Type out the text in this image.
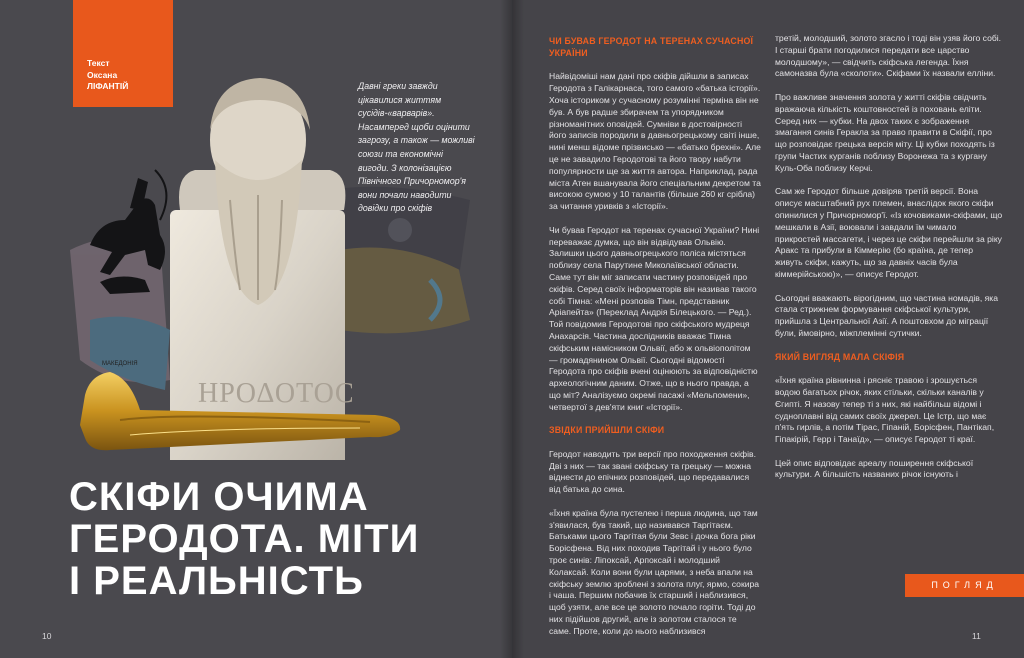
Текст
Оксана
ЛІФАНТІЙ
МАКЕДОНІЯ
ΗΡΟΔΟΤΟϹ
Давні греки завжди цікавилися життям сусідів-«варварів». Насамперед щоби оцінити загрозу, а також — можливі союзи та економічні вигоди. З колонізацією Північного Причорномор'я вони почали наводити довідки про скіфів
СКІФИ ОЧИМА
ГЕРОДОТА. МІТИ
І РЕАЛЬНІСТЬ
10
ЧИ БУВАВ ГЕРОДОТ НА ТЕРЕНАХ СУЧАСНОЇ УКРАЇНИ

Найвідоміші нам дані про скіфів дійшли в записах Геродота з Галікарнаса, того самого «батька історії». Хоча істориком у сучасному розумінні терміна він не був. А був радше збирачем та упорядником різноманітних оповідей. Сумніви в достовірності його записів породили в давньогрецькому світі інше, нині менш відоме прізвисько — «батько брехні». Але це не завадило Геродотові та його твору набути популярности ще за життя автора. Наприклад, рада міста Атен вшанувала його спеціальним декретом та високою сумою у 10 талантів (більше 260 кг срібла) за читання уривків з «Історії».

Чи бував Геродот на теренах сучасної України? Нині переважає думка, що він відвідував Ольвію. Залишки цього давньогрецького поліса містяться поблизу села Парутине Миколаївської области. Саме тут він міг записати частину розповідей про скіфів. Серед своїх інформаторів він називав такого собі Тімна: «Мені розповів Тімн, представник Аріапейта» (Переклад Андрія Білецького. — Ред.). Той повідомив Геродотові про скіфського мудреця Анахарсія. Частина дослідників вважає Тімна скіфським намісником Ольвії, або ж ольвіополітом — громадянином Ольвії. Сьогодні відомості Геродота про скіфів вчені оцінюють за відповідністю археологічним даним. Отже, що в нього правда, а що міт? Аналізуємо окремі пасажі «Мельпомени», четвертої з дев'яти книг «Історії».

ЗВІДКИ ПРИЙШЛИ СКІФИ

Геродот наводить три версії про походження скіфів. Дві з них — так звані скіфську та грецьку — можна віднести до епічних розповідей, що передавалися від батька до сина.

«Їхня країна була пустелею і перша людина, що там з'явилася, був такий, що називався Таргітаєм. Батьками цього Таргітая були Зевс і дочка бога ріки Борісфена. Від них походив Таргітай і у нього було троє синів: Ліпоксай, Арпоксай і молодший Колаксай. Коли вони були царями, з неба впали на скіфську землю зроблені з золота плуг, ярмо, сокира і чаша. Першим побачив їх старший і наблизився, щоб узяти, але все це золото почало горіти. Тоді до них підійшов другий, але із золотом сталося те саме. Проте, коли до нього наблизився

третій, молодший, золото згасло і тоді він узяв його собі. І старші брати погодилися передати все царство молодшому», — свідчить скіфська легенда. Їхня самоназва була «сколоти». Скіфами їх назвали елліни.

Про важливе значення золота у житті скіфів свідчить вражаюча кількість коштовностей із поховань еліти. Серед них — кубки. На двох таких є зображення змагання синів Геракла за право правити в Скіфії, про що розповідає грецька версія міту. Ці кубки походять із групи Частих курганів поблизу Воронежа та з кургану Куль-Оба поблизу Керчі.

Сам же Геродот більше довіряв третій версії. Вона описує масштабний рух племен, внаслідок якого скіфи опинилися у Причорномор'ї. «Із кочовиками-скіфами, що мешкали в Азії, воювали і завдали їм чимало прикростей массагети, і через це скіфи перейшли за ріку Аракс та прибули в Кіммерію (бо країна, де тепер живуть скіфи, кажуть, що за давніх часів була кіммерійською)», — описує Геродот.

Сьогодні вважають вірогідним, що частина номадів, яка стала стрижнем формування скіфської культури, прийшла з Центральної Азії. А поштовхом до міграції були, ймовірно, міжплемінні сутички.

ЯКИЙ ВИГЛЯД МАЛА СКІФІЯ

«Їхня країна рівнинна і рясніє травою і зрошується водою багатьох річок, яких стільки, скільки каналів у Єгипті. Я назову тепер ті з них, які найбільш відомі і судноплавні від самих своїх джерел. Це Істр, що має п'ять гирлів, а потім Тірас, Гіпаній, Борісфен, Пантікап, Гіпакірій, Герр і Танаїд», — описує Геродот ті краї.

Цей опис відповідає ареалу поширення скіфської культури. А більшість названих річок існують і

ПОГЛЯД
11
